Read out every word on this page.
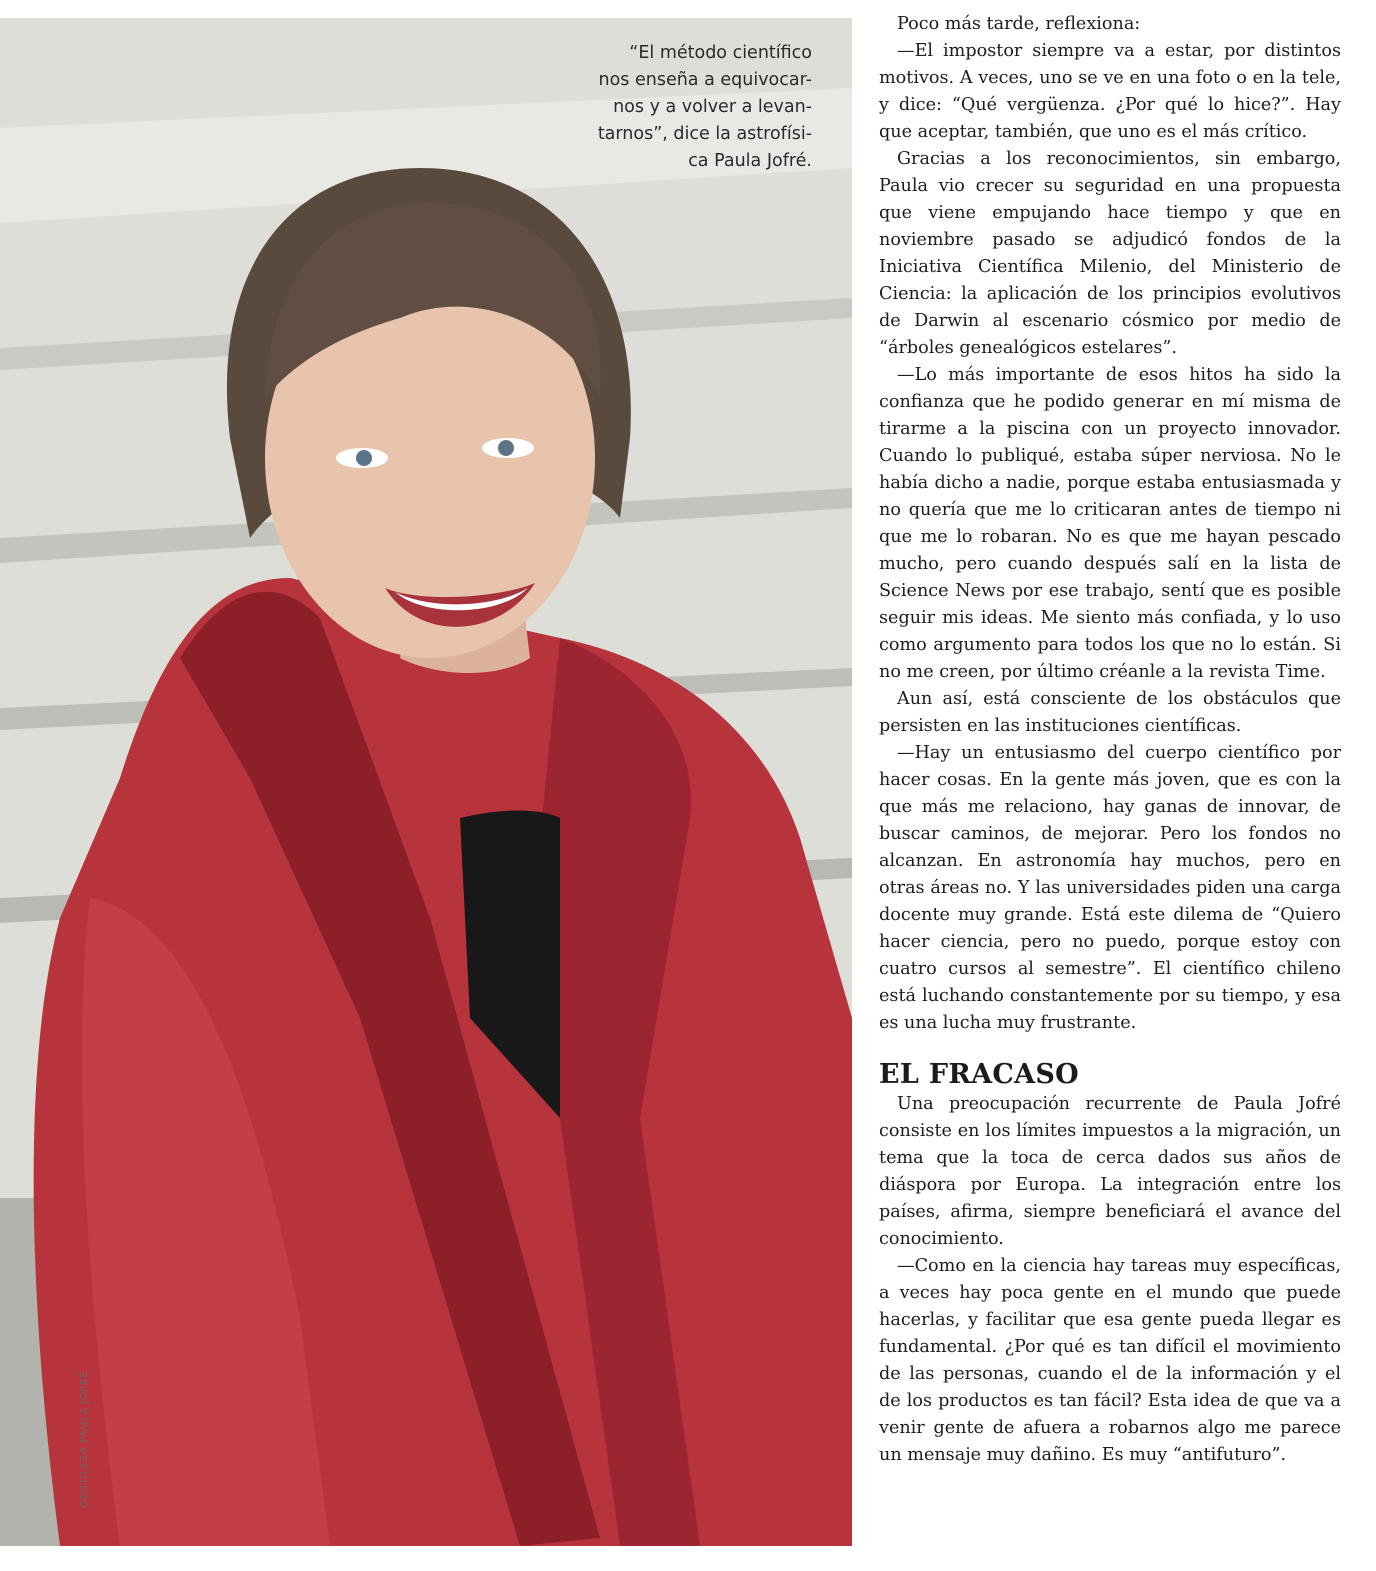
“El método científico
nos enseña a equivocar-
nos y a volver a levan-
tarnos”, dice la astrofísi-
ca Paula Jofré.
GENTILEZA PAULA JOFRÉ

Poco más tarde, reflexiona:

—El impostor siempre va a estar, por distintos motivos. A veces, uno se ve en una foto o en la tele, y dice: “Qué vergüenza. ¿Por qué lo hice?”. Hay que aceptar, también, que uno es el más crítico.

Gracias a los reconocimientos, sin embargo, Paula vio crecer su seguridad en una propuesta que viene empujando hace tiempo y que en noviembre pasado se adjudicó fondos de la Iniciativa Científica Milenio, del Ministerio de Ciencia: la aplicación de los principios evolutivos de Darwin al escenario cósmico por medio de “árboles genealógicos estelares”.

—Lo más importante de esos hitos ha sido la confianza que he podido generar en mí misma de tirarme a la piscina con un proyecto innovador. Cuando lo publiqué, estaba súper nerviosa. No le había dicho a nadie, porque estaba entusiasmada y no quería que me lo criticaran antes de tiempo ni que me lo robaran. No es que me hayan pescado mucho, pero cuando después salí en la lista de Science News por ese trabajo, sentí que es posible seguir mis ideas. Me siento más confiada, y lo uso como argumento para todos los que no lo están. Si no me creen, por último créanle a la revista Time.

Aun así, está consciente de los obstáculos que persisten en las instituciones científicas.

—Hay un entusiasmo del cuerpo científico por hacer cosas. En la gente más joven, que es con la que más me relaciono, hay ganas de innovar, de buscar caminos, de mejorar. Pero los fondos no alcanzan. En astronomía hay muchos, pero en otras áreas no. Y las universidades piden una carga docente muy grande. Está este dilema de “Quiero hacer ciencia, pero no puedo, porque estoy con cuatro cursos al semestre”. El científico chileno está luchando constantemente por su tiempo, y esa es una lucha muy frustrante.

EL FRACASO

Una preocupación recurrente de Paula Jofré consiste en los límites impuestos a la migración, un tema que la toca de cerca dados sus años de diáspora por Europa. La integración entre los países, afirma, siempre beneficiará el avance del conocimiento.

—Como en la ciencia hay tareas muy específicas, a veces hay poca gente en el mundo que puede hacerlas, y facilitar que esa gente pueda llegar es fundamental. ¿Por qué es tan difícil el movimiento de las personas, cuando el de la información y el de los productos es tan fácil? Esta idea de que va a venir gente de afuera a robarnos algo me parece un mensaje muy dañino. Es muy “antifuturo”.
